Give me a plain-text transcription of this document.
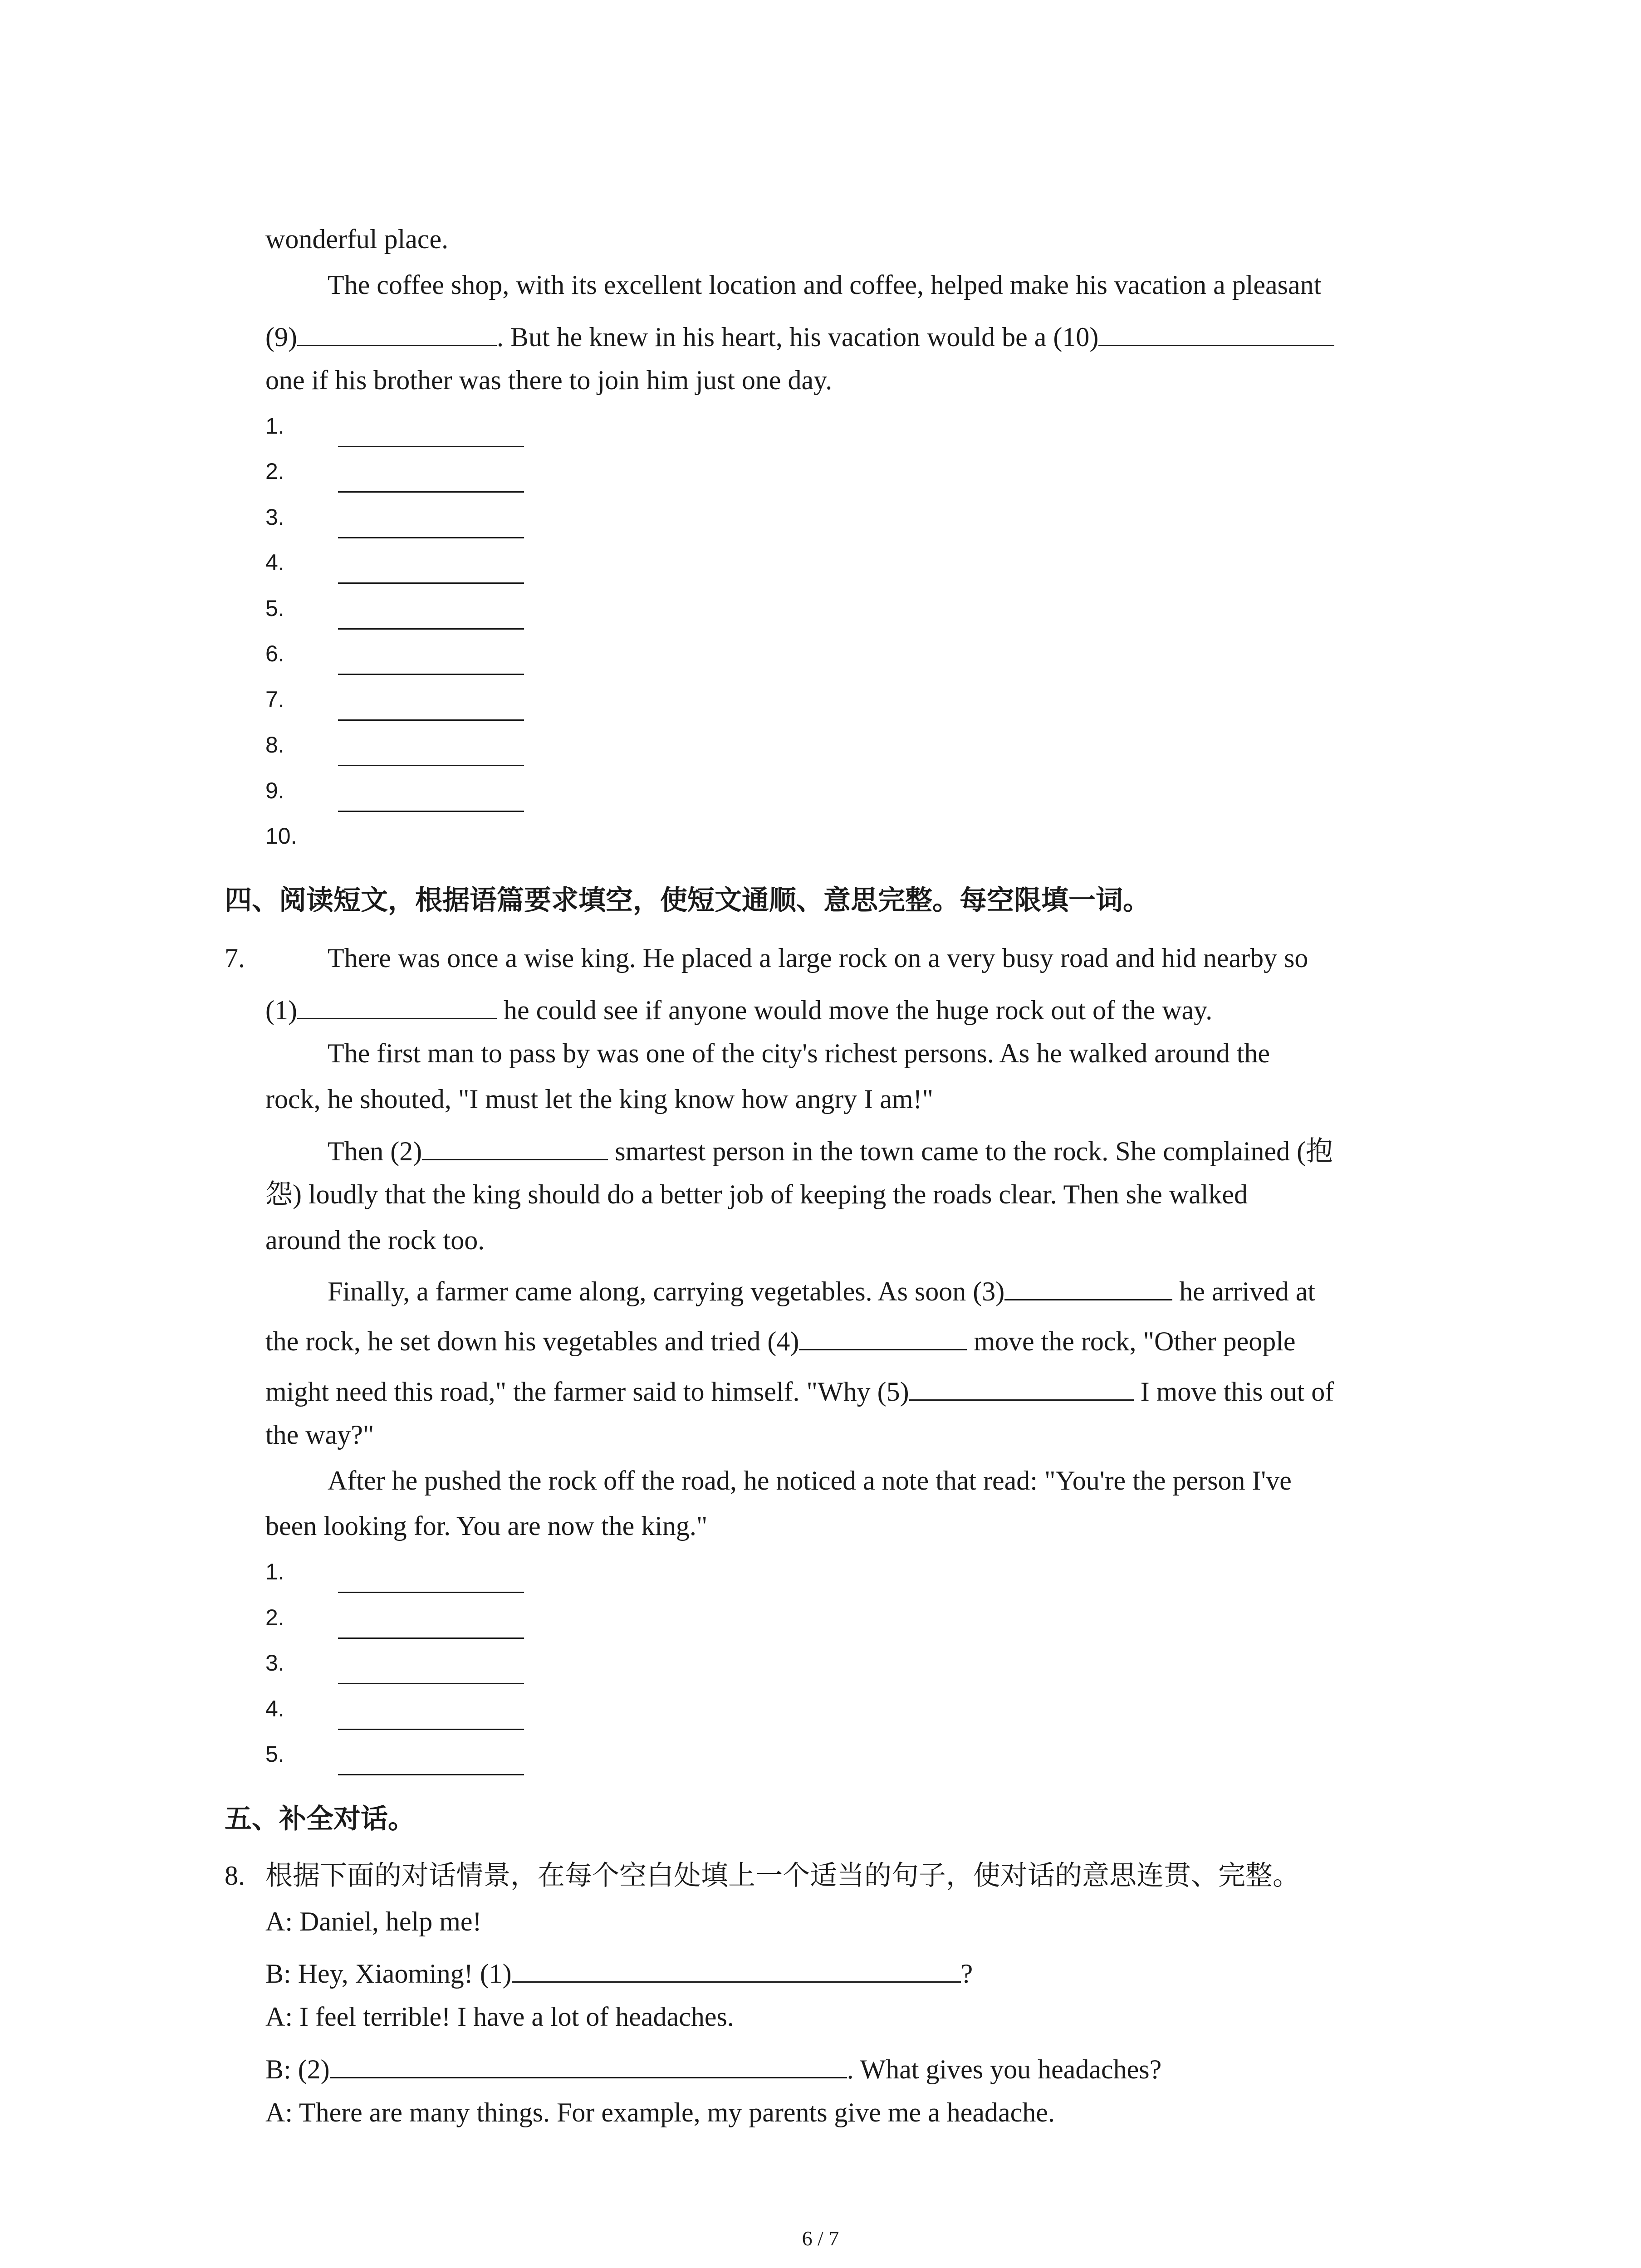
wonderful place.
The coffee shop, with its excellent location and coffee, helped make his vacation a pleasant
(9)	. But he knew in his heart, his vacation would be a (10)
one if his brother was there to join him just one day.
1.
2.
3.
4.
5.
6.
7.
8.
9.
10.
四、阅读短文，根据语篇要求填空，使短文通顺、意思完整。每空限填一词。
7.	There was once a wise king. He placed a large rock on a very busy road and hid nearby so
(1)	he could see if anyone would move the huge rock out of the way.
The first man to pass by was one of the city's richest persons. As he walked around the
rock, he shouted, "I must let the king know how angry I am!"
Then (2)	smartest person in the town came to the rock. She complained (抱
怨) loudly that the king should do a better job of keeping the roads clear. Then she walked
around the rock too.
Finally, a farmer came along, carrying vegetables. As soon (3)	he arrived at
the rock, he set down his vegetables and tried (4)	move the rock, "Other people
might need this road," the farmer said to himself. "Why (5)	I move this out of
the way?"
After he pushed the rock off the road, he noticed a note that read: "You're the person I've
been looking for. You are now the king."
1.
2.
3.
4.
5.
五、补全对话。
8. 根据下面的对话情景，在每个空白处填上一个适当的句子，使对话的意思连贯、完整。
A: Daniel, help me!
B: Hey, Xiaoming! (1)	?
A: I feel terrible! I have a lot of headaches.
B: (2)	. What gives you headaches?
A: There are many things. For example, my parents give me a headache.
6 / 7
